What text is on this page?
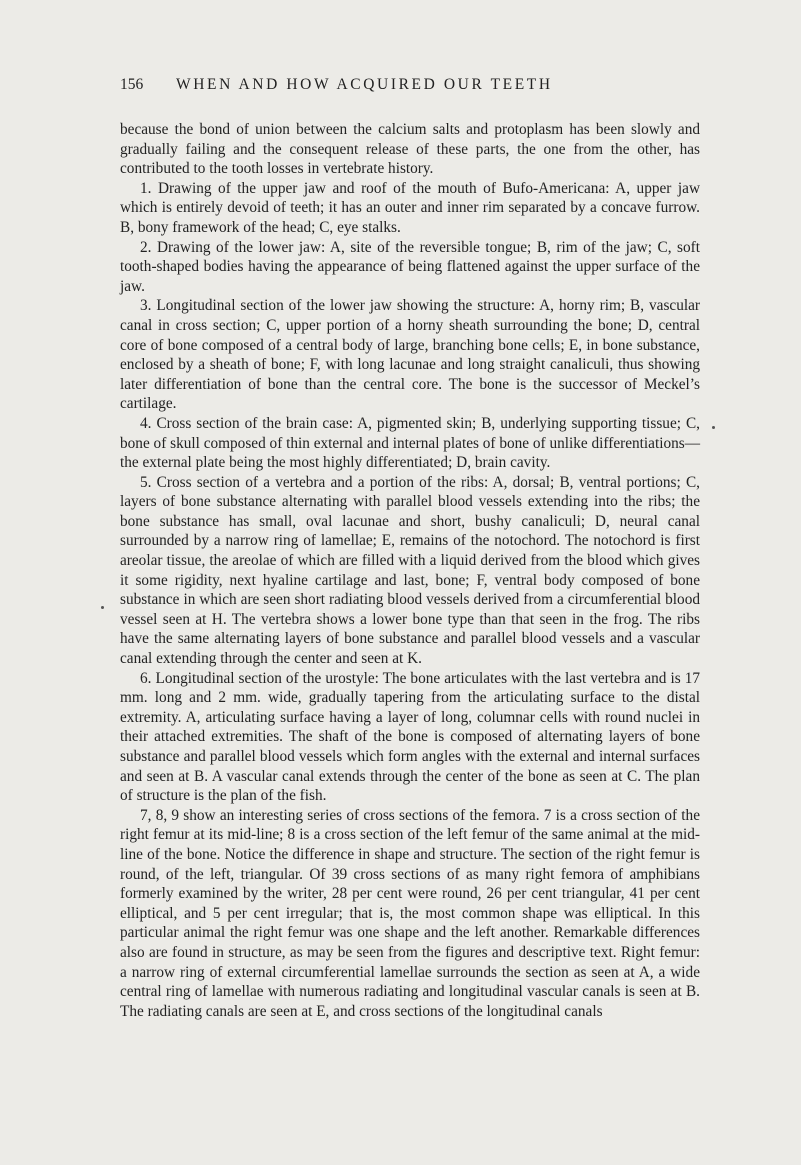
156 WHEN AND HOW ACQUIRED OUR TEETH

because the bond of union between the calcium salts and protoplasm has been slowly and gradually failing and the consequent release of these parts, the one from the other, has contributed to the tooth losses in vertebrate history.

1. Drawing of the upper jaw and roof of the mouth of Bufo-Americana: A, upper jaw which is entirely devoid of teeth; it has an outer and inner rim separated by a concave furrow. B, bony framework of the head; C, eye stalks.

2. Drawing of the lower jaw: A, site of the reversible tongue; B, rim of the jaw; C, soft tooth-shaped bodies having the appearance of being flattened against the upper surface of the jaw.

3. Longitudinal section of the lower jaw showing the structure: A, horny rim; B, vascular canal in cross section; C, upper portion of a horny sheath surrounding the bone; D, central core of bone composed of a central body of large, branching bone cells; E, in bone substance, enclosed by a sheath of bone; F, with long lacunae and long straight canaliculi, thus showing later differentiation of bone than the central core. The bone is the successor of Meckel’s cartilage.

4. Cross section of the brain case: A, pigmented skin; B, underlying supporting tissue; C, bone of skull composed of thin external and internal plates of bone of unlike differentiations—the external plate being the most highly differentiated; D, brain cavity.

5. Cross section of a vertebra and a portion of the ribs: A, dorsal; B, ventral portions; C, layers of bone substance alternating with parallel blood vessels extending into the ribs; the bone substance has small, oval lacunae and short, bushy canaliculi; D, neural canal surrounded by a narrow ring of lamellae; E, remains of the notochord. The notochord is first areolar tissue, the areolae of which are filled with a liquid derived from the blood which gives it some rigidity, next hyaline cartilage and last, bone; F, ventral body composed of bone substance in which are seen short radiating blood vessels derived from a circumferential blood vessel seen at H. The vertebra shows a lower bone type than that seen in the frog. The ribs have the same alternating layers of bone substance and parallel blood vessels and a vascular canal extending through the center and seen at K.

6. Longitudinal section of the urostyle: The bone articulates with the last vertebra and is 17 mm. long and 2 mm. wide, gradually tapering from the articulating surface to the distal extremity. A, articulating surface having a layer of long, columnar cells with round nuclei in their attached extremities. The shaft of the bone is composed of alternating layers of bone substance and parallel blood vessels which form angles with the external and internal surfaces and seen at B. A vascular canal extends through the center of the bone as seen at C. The plan of structure is the plan of the fish.

7, 8, 9 show an interesting series of cross sections of the femora. 7 is a cross section of the right femur at its mid-line; 8 is a cross section of the left femur of the same animal at the mid-line of the bone. Notice the difference in shape and structure. The section of the right femur is round, of the left, triangular. Of 39 cross sections of as many right femora of amphibians formerly examined by the writer, 28 per cent were round, 26 per cent triangular, 41 per cent elliptical, and 5 per cent irregular; that is, the most common shape was elliptical. In this particular animal the right femur was one shape and the left another. Remarkable differences also are found in structure, as may be seen from the figures and descriptive text. Right femur: a narrow ring of external circumferential lamellae surrounds the section as seen at A, a wide central ring of lamellae with numerous radiating and longitudinal vascular canals is seen at B. The radiating canals are seen at E, and cross sections of the longitudinal canals
